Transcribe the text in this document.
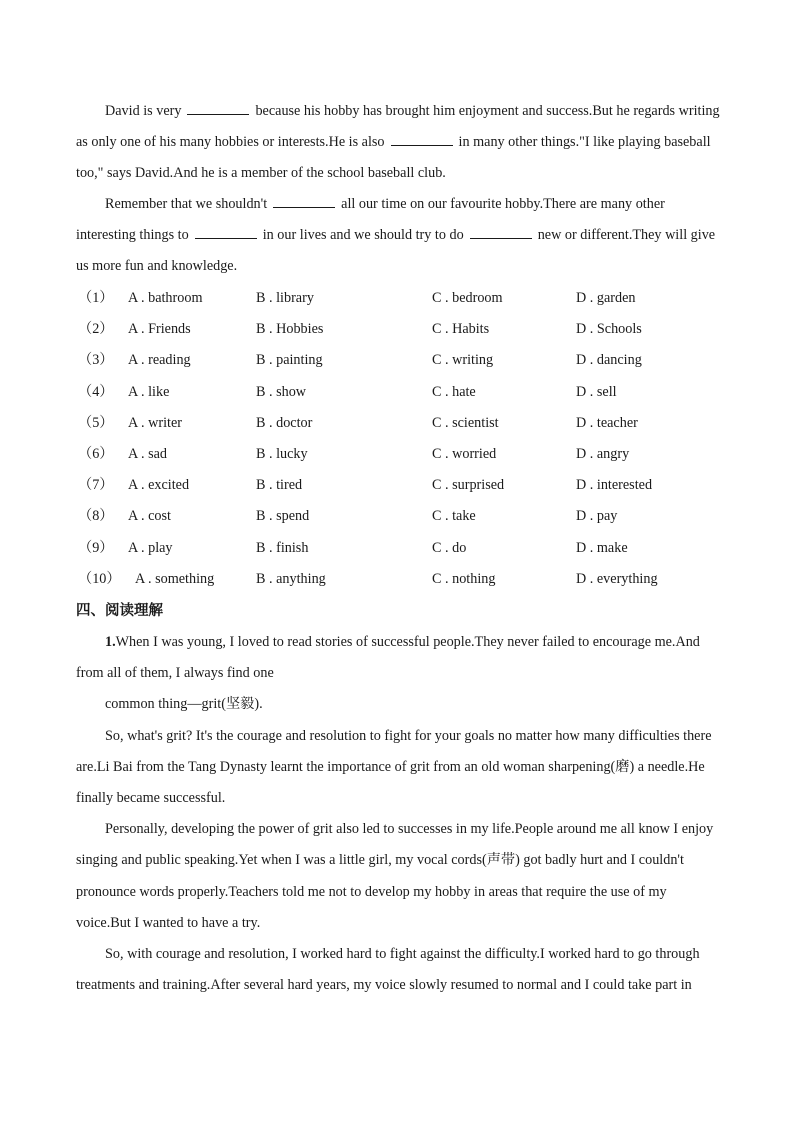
David is very	because his hobby has brought him enjoyment and success.But he regards writing as only one of his many hobbies or interests.He is also	in many other things."I like playing baseball too," says David.And he is a member of the school baseball club.

Remember that we shouldn't	all our time on our favourite hobby.There are many other interesting things to	in our lives and we should try to do	new or different.They will give us more fun and knowledge.

（1） A . bathroom	B . library	C . bedroom	D . garden
（2） A . Friends	B . Hobbies	C . Habits	D . Schools
（3） A . reading	B . painting	C . writing	D . dancing
（4） A . like	B . show	C . hate	D . sell
（5） A . writer	B . doctor	C . scientist	D . teacher
（6） A . sad	B . lucky	C . worried	D . angry
（7） A . excited	B . tired	C . surprised	D . interested
（8） A . cost	B . spend	C . take	D . pay
（9） A . play	B . finish	C . do	D . make
（10） A . something	B . anything	C . nothing	D . everything
四、阅读理解

1.When I was young, I loved to read stories of successful people.They never failed to encourage me.And from all of them, I always find one

common thing—grit(坚毅).

So, what's grit? It's the courage and resolution to fight for your goals no matter how many difficulties there are.Li Bai from the Tang Dynasty learnt the importance of grit from an old woman sharpening(磨) a needle.He finally became successful.

Personally, developing the power of grit also led to successes in my life.People around me all know I enjoy singing and public speaking.Yet when I was a little girl, my vocal cords(声带) got badly hurt and I couldn't pronounce words properly.Teachers told me not to develop my hobby in areas that require the use of my voice.But I wanted to have a try.

So, with courage and resolution, I worked hard to fight against the difficulty.I worked hard to go through treatments and training.After several hard years, my voice slowly resumed to normal and I could take part in
